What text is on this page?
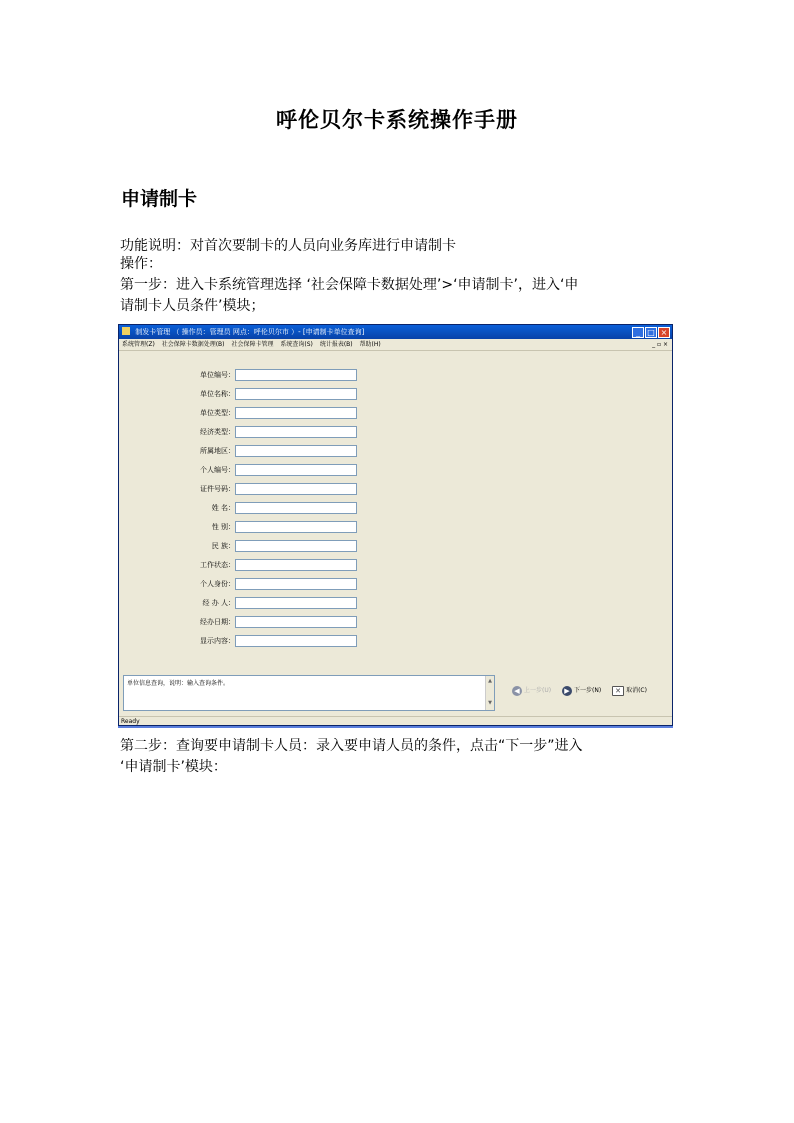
呼伦贝尔卡系统操作手册
申请制卡
功能说明：对首次要制卡的人员向业务库进行申请制卡
操作：
第一步：进入卡系统管理选择 ‘社会保障卡数据处理’>‘申请制卡’，进入‘申
请制卡人员条件’模块；
制发卡管理 （ 操作员：管理员 网点：呼伦贝尔市 ）- [申请制卡单位查询]	_ □ ×
系统管理(Z) 社会保障卡数据处理(B) 社会保障卡管理 系统查询(S) 统计报表(B) 帮助(H)	_ ▫ ×
单位编号：
单位名称：
单位类型：
经济类型：
所属地区：
个人编号：
证件号码：
姓 名：
性 别：
民 族：
工作状态：
个人身份：
经 办 人：
经办日期：
显示内容：
单位信息查询，说明：输入查询条件。	▲
▼
◀ 上一步(U) ▶ 下一步(N) ✕ 取消(C)
Ready
第二步：查询要申请制卡人员：录入要申请人员的条件，点击“下一步”进入
‘申请制卡’模块：
